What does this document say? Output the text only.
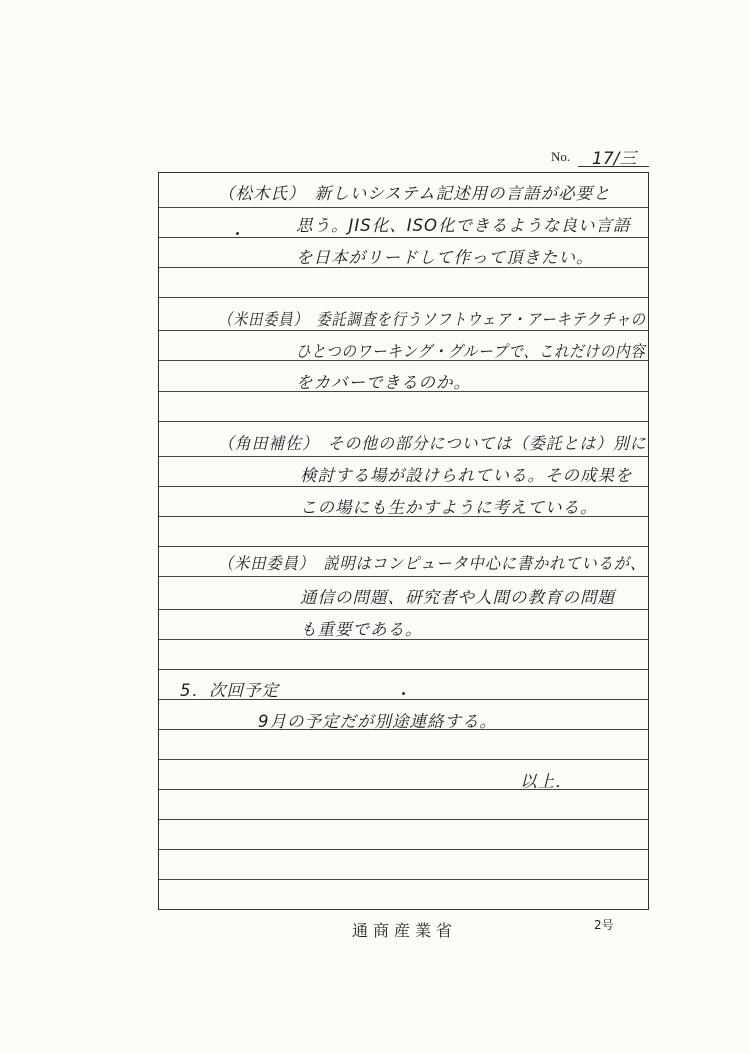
No. 17/三
（松木氏）　新しいシステム記述用の言語が必要と
思う。JIS化、ISO化できるような良い言語
を日本がリードして作って頂きたい。
（米田委員）　委託調査を行うソフトウェア・アーキテクチャの
ひとつのワーキング・グループで、これだけの内容
をカバーできるのか。
（角田補佐）　その他の部分については（委託とは）別に
検討する場が設けられている。その成果を
この場にも生かすように考えている。
（米田委員）　説明はコンピュータ中心に書かれているが、
通信の問題、研究者や人間の教育の問題
も重要である。
5．次回予定
9月の予定だが別途連絡する。
以上．
通商産業省	2号
